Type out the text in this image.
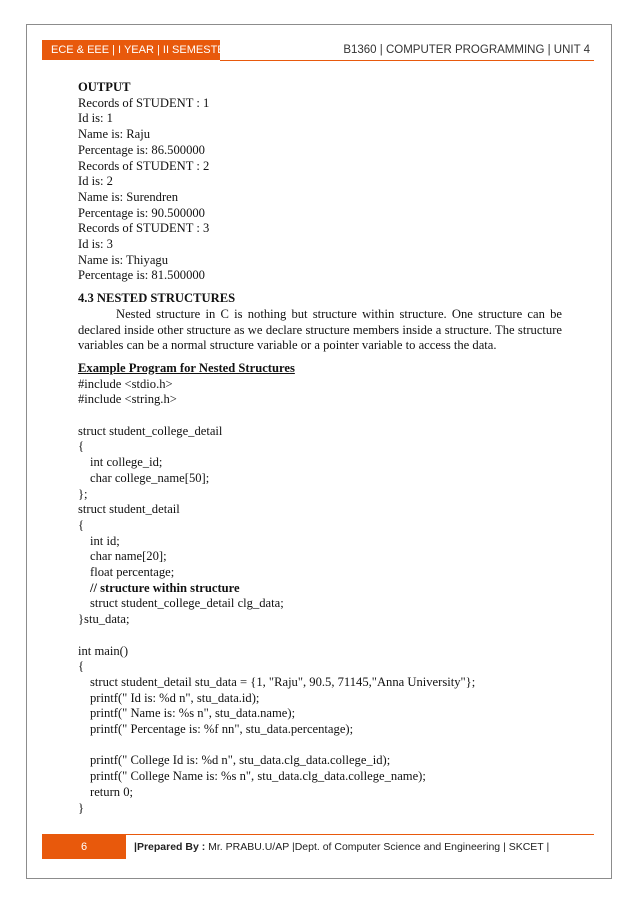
ECE & EEE | I YEAR | II SEMESTER	B1360 | COMPUTER PROGRAMMING | UNIT 4

OUTPUT

Records of STUDENT : 1

Id is: 1

Name is: Raju

Percentage is: 86.500000

Records of STUDENT : 2

Id is: 2

Name is: Surendren

Percentage is: 90.500000

Records of STUDENT : 3

Id is: 3

Name is: Thiyagu

Percentage is: 81.500000

4.3 NESTED STRUCTURES

Nested structure in C is nothing but structure within structure. One structure can be declared inside other structure as we declare structure members inside a structure. The structure variables can be a normal structure variable or a pointer variable to access the data.

Example Program for Nested Structures

#include <stdio.h>

#include <string.h>

struct student_college_detail

{

int college_id;

char college_name[50];

};

struct student_detail

{

int id;

char name[20];

float percentage;

// structure within structure

struct student_college_detail clg_data;

}stu_data;

int main()

{

struct student_detail stu_data = {1, "Raju", 90.5, 71145,"Anna University"};

printf(" Id is: %d n", stu_data.id);

printf(" Name is: %s n", stu_data.name);

printf(" Percentage is: %f nn", stu_data.percentage);

printf(" College Id is: %d n", stu_data.clg_data.college_id);

printf(" College Name is: %s n", stu_data.clg_data.college_name);

return 0;

}

6	|Prepared By : Mr. PRABU.U/AP |Dept. of Computer Science and Engineering | SKCET |
